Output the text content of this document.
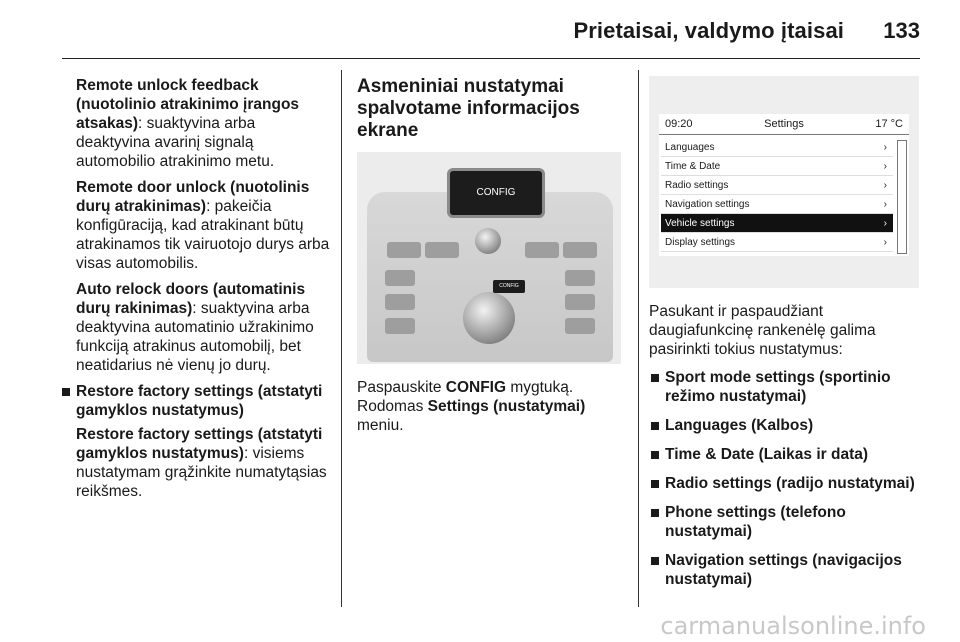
Prietaisai, valdymo įtaisai 133

Remote unlock feedback (nuotolinio atrakinimo įrangos atsakas): suaktyvina arba deaktyvina avarinį signalą automobilio atrakinimo metu.

Remote door unlock (nuotolinis durų atrakinimas): pakeičia konfigūraciją, kad atrakinant būtų atrakinamos tik vairuotojo durys arba visas automobilis.

Auto relock doors (automatinis durų rakinimas): suaktyvina arba deaktyvina automatinio užrakinimo funkciją atrakinus automobilį, bet neatidarius nė vienų jo durų.

Restore factory settings (atstatyti gamyklos nustatymus)

Restore factory settings (atstatyti gamyklos nustatymus): visiems nustatymam grąžinkite numatytąsias reikšmes.

Asmeniniai nustatymai spalvotame informacijos ekrane
CONFIG
CONFIG

Paspauskite CONFIG mygtuką. Rodomas Settings (nustatymai) meniu.

09:20	Settings	17 °C
Languages	›
Time & Date	›
Radio settings	›
Navigation settings	›
Vehicle settings	›
Display settings	›

Pasukant ir paspaudžiant daugiafunkcinę rankenėlę galima pasirinkti tokius nustatymus:

Sport mode settings (sportinio režimo nustatymai)
Languages (Kalbos)
Time & Date (Laikas ir data)
Radio settings (radijo nustatymai)
Phone settings (telefono nustatymai)
Navigation settings (navigacijos nustatymai)
carmanualsonline.info
